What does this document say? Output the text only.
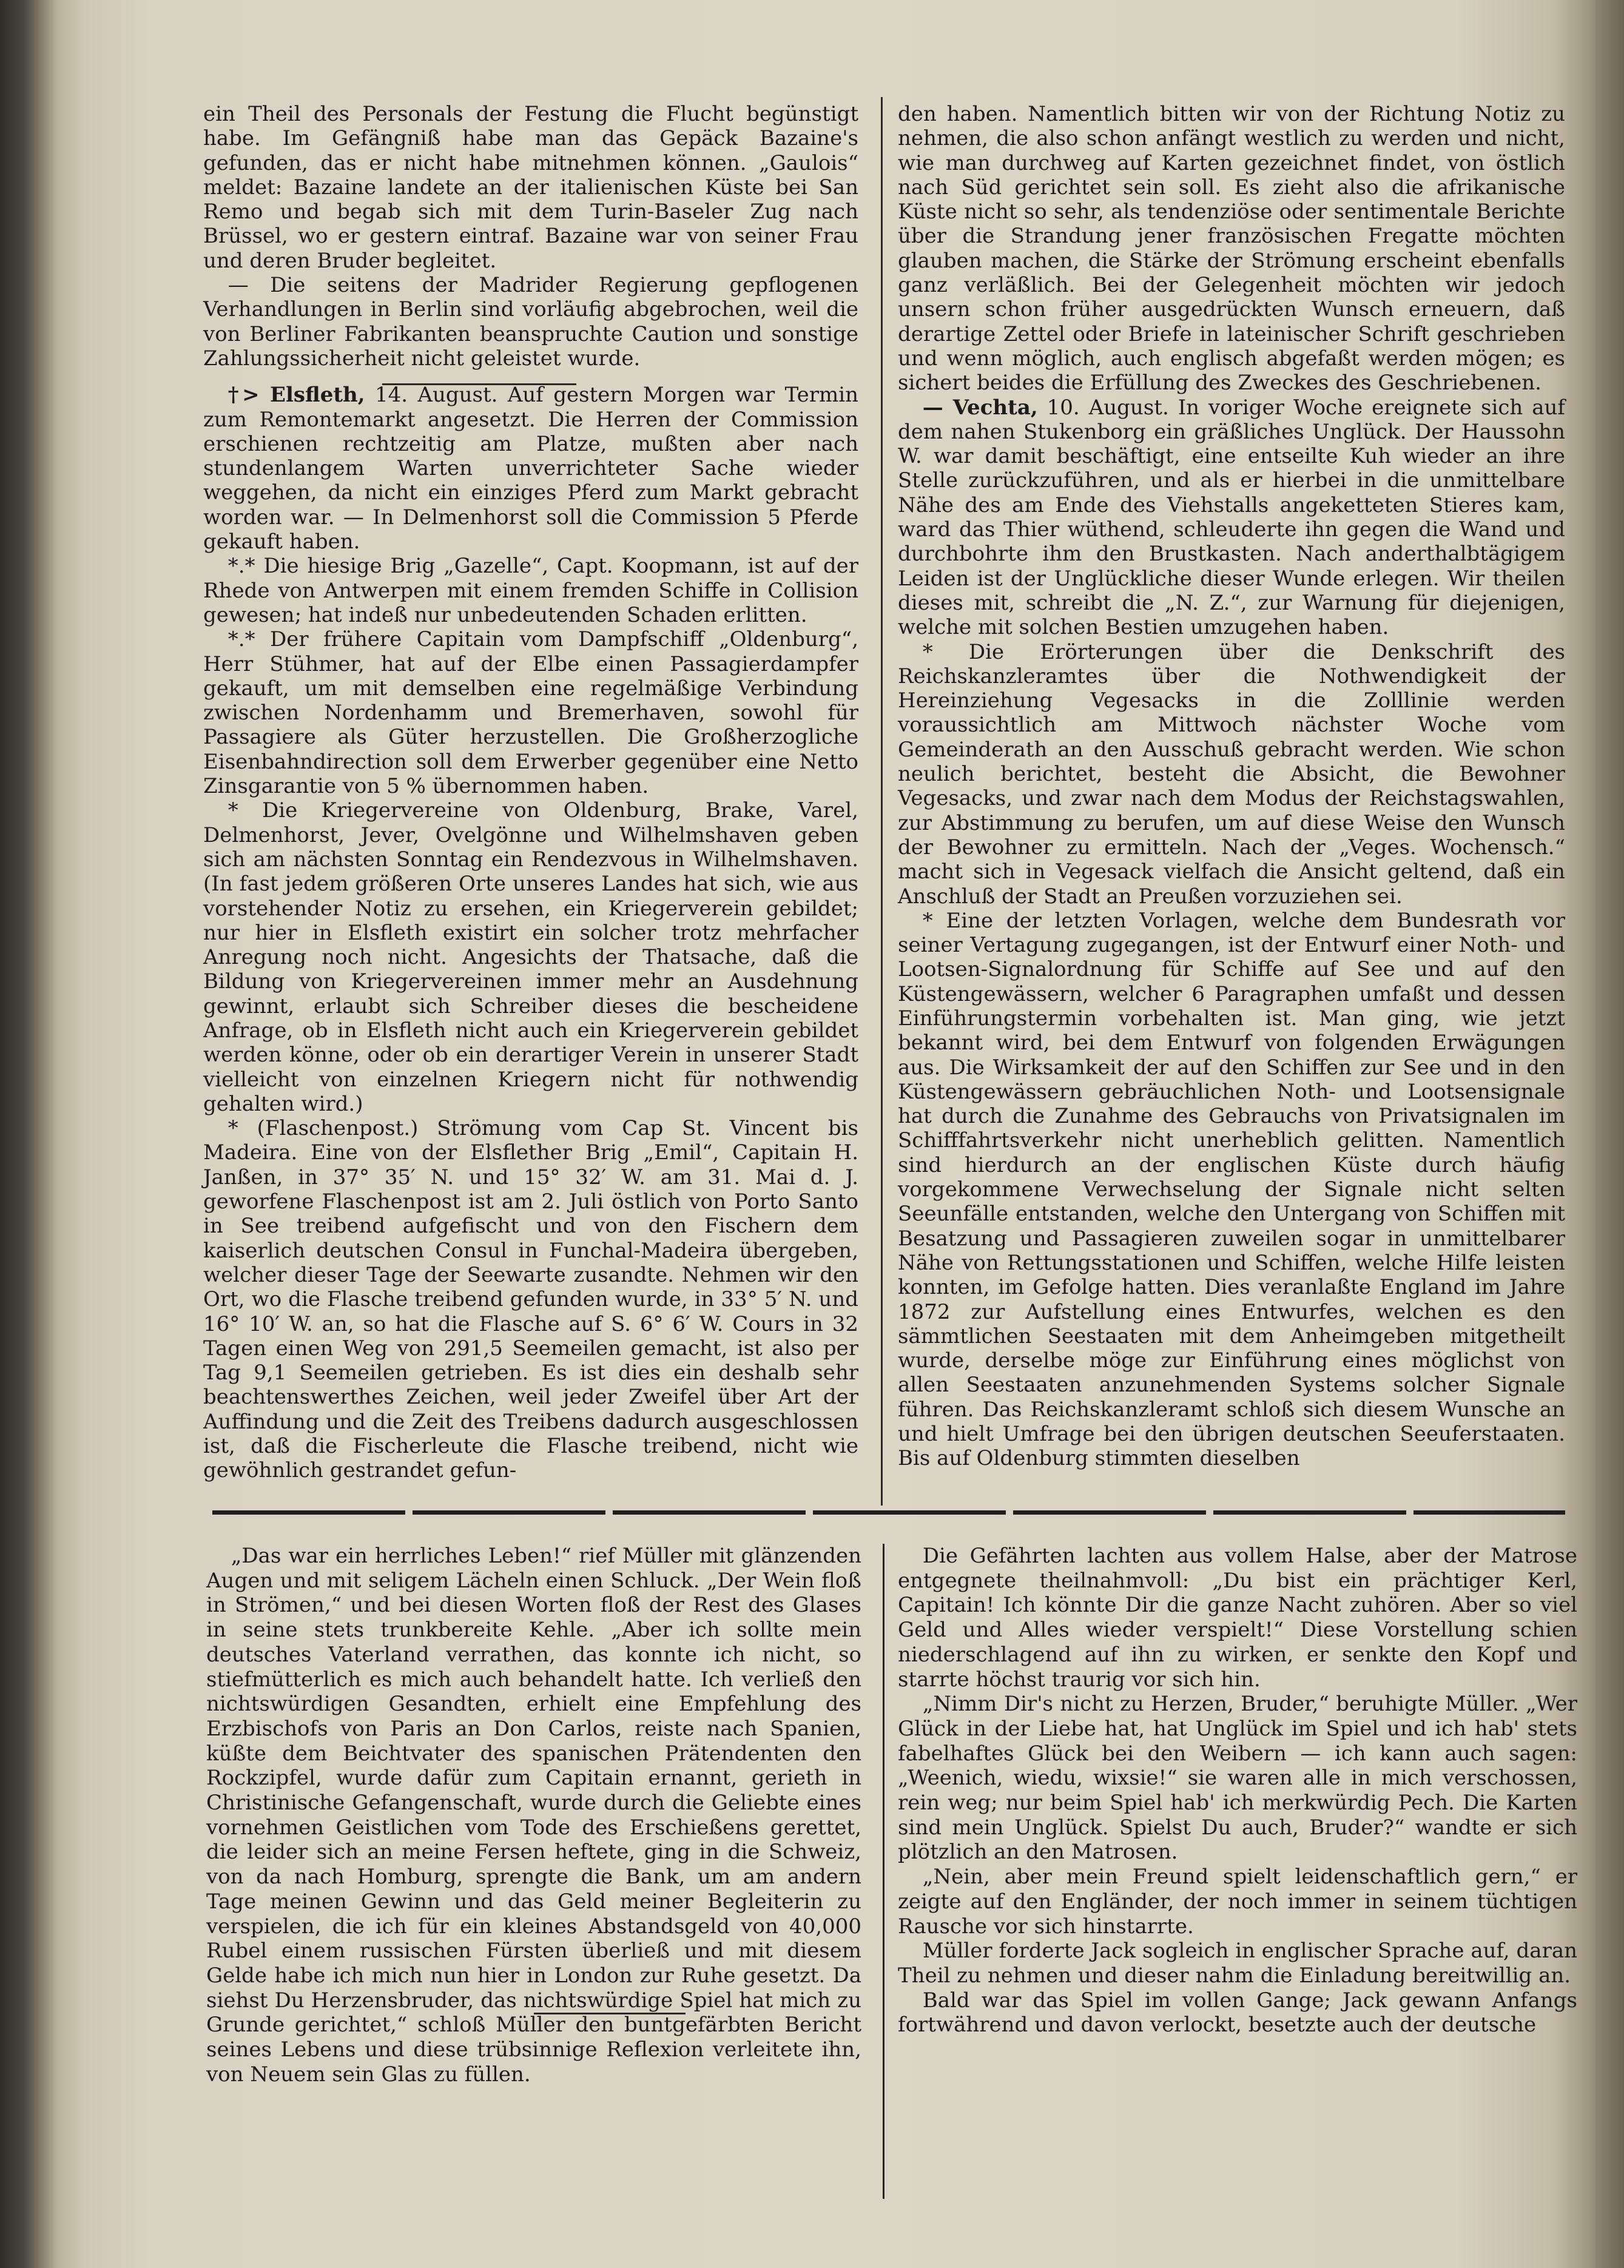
ein Theil des Personals der Festung die Flucht begünstigt habe. Im Gefängniß habe man das Gepäck Bazaine's gefunden, das er nicht habe mitnehmen können. „Gaulois“ meldet: Bazaine landete an der italienischen Küste bei San Remo und begab sich mit dem Turin-Baseler Zug nach Brüssel, wo er gestern eintraf. Bazaine war von seiner Frau und deren Bruder begleitet.

— Die seitens der Madrider Regierung gepflogenen Verhandlungen in Berlin sind vorläufig abgebrochen, weil die von Berliner Fabrikanten beanspruchte Caution und sonstige Zahlungssicherheit nicht geleistet wurde.

†> Elsfleth, 14. August. Auf gestern Morgen war Termin zum Remontemarkt angesetzt. Die Herren der Commission erschienen rechtzeitig am Platze, mußten aber nach stundenlangem Warten unverrichteter Sache wieder weggehen, da nicht ein einziges Pferd zum Markt gebracht worden war. — In Delmenhorst soll die Commission 5 Pferde gekauft haben.

*.* Die hiesige Brig „Gazelle“, Capt. Koopmann, ist auf der Rhede von Antwerpen mit einem fremden Schiffe in Collision gewesen; hat indeß nur unbedeutenden Schaden erlitten.

*.* Der frühere Capitain vom Dampfschiff „Oldenburg“, Herr Stühmer, hat auf der Elbe einen Passagierdampfer gekauft, um mit demselben eine regelmäßige Verbindung zwischen Nordenhamm und Bremerhaven, sowohl für Passagiere als Güter herzustellen. Die Großherzogliche Eisenbahndirection soll dem Erwerber gegenüber eine Netto Zinsgarantie von 5 % übernommen haben.

* Die Kriegervereine von Oldenburg, Brake, Varel, Delmenhorst, Jever, Ovelgönne und Wilhelmshaven geben sich am nächsten Sonntag ein Rendezvous in Wilhelmshaven. (In fast jedem größeren Orte unseres Landes hat sich, wie aus vorstehender Notiz zu ersehen, ein Kriegerverein gebildet; nur hier in Elsfleth existirt ein solcher trotz mehrfacher Anregung noch nicht. Angesichts der Thatsache, daß die Bildung von Kriegervereinen immer mehr an Ausdehnung gewinnt, erlaubt sich Schreiber dieses die bescheidene Anfrage, ob in Elsfleth nicht auch ein Kriegerverein gebildet werden könne, oder ob ein derartiger Verein in unserer Stadt vielleicht von einzelnen Kriegern nicht für nothwendig gehalten wird.)

* (Flaschenpost.) Strömung vom Cap St. Vincent bis Madeira. Eine von der Elsflether Brig „Emil“, Capitain H. Janßen, in 37° 35′ N. und 15° 32′ W. am 31. Mai d. J. geworfene Flaschenpost ist am 2. Juli östlich von Porto Santo in See treibend aufgefischt und von den Fischern dem kaiserlich deutschen Consul in Funchal-Madeira übergeben, welcher dieser Tage der Seewarte zusandte. Nehmen wir den Ort, wo die Flasche treibend gefunden wurde, in 33° 5′ N. und 16° 10′ W. an, so hat die Flasche auf S. 6° 6′ W. Cours in 32 Tagen einen Weg von 291,5 Seemeilen gemacht, ist also per Tag 9,1 Seemeilen getrieben. Es ist dies ein deshalb sehr beachtenswerthes Zeichen, weil jeder Zweifel über Art der Auffindung und die Zeit des Treibens dadurch ausgeschlossen ist, daß die Fischerleute die Flasche treibend, nicht wie gewöhnlich gestrandet gefun-

den haben. Namentlich bitten wir von der Richtung Notiz zu nehmen, die also schon anfängt westlich zu werden und nicht, wie man durchweg auf Karten gezeichnet findet, von östlich nach Süd gerichtet sein soll. Es zieht also die afrikanische Küste nicht so sehr, als tendenziöse oder sentimentale Berichte über die Strandung jener französischen Fregatte möchten glauben machen, die Stärke der Strömung erscheint ebenfalls ganz verläßlich. Bei der Gelegenheit möchten wir jedoch unsern schon früher ausgedrückten Wunsch erneuern, daß derartige Zettel oder Briefe in lateinischer Schrift geschrieben und wenn möglich, auch englisch abgefaßt werden mögen; es sichert beides die Erfüllung des Zweckes des Geschriebenen.

— Vechta, 10. August. In voriger Woche ereignete sich auf dem nahen Stukenborg ein gräßliches Unglück. Der Haussohn W. war damit beschäftigt, eine entseilte Kuh wieder an ihre Stelle zurückzuführen, und als er hierbei in die unmittelbare Nähe des am Ende des Viehstalls angeketteten Stieres kam, ward das Thier wüthend, schleuderte ihn gegen die Wand und durchbohrte ihm den Brustkasten. Nach anderthalbtägigem Leiden ist der Unglückliche dieser Wunde erlegen. Wir theilen dieses mit, schreibt die „N. Z.“, zur Warnung für diejenigen, welche mit solchen Bestien umzugehen haben.

* Die Erörterungen über die Denkschrift des Reichskanzleramtes über die Nothwendigkeit der Hereinziehung Vegesacks in die Zolllinie werden voraussichtlich am Mittwoch nächster Woche vom Gemeinderath an den Ausschuß gebracht werden. Wie schon neulich berichtet, besteht die Absicht, die Bewohner Vegesacks, und zwar nach dem Modus der Reichstagswahlen, zur Abstimmung zu berufen, um auf diese Weise den Wunsch der Bewohner zu ermitteln. Nach der „Veges. Wochensch.“ macht sich in Vegesack vielfach die Ansicht geltend, daß ein Anschluß der Stadt an Preußen vorzuziehen sei.

* Eine der letzten Vorlagen, welche dem Bundesrath vor seiner Vertagung zugegangen, ist der Entwurf einer Noth- und Lootsen-Signalordnung für Schiffe auf See und auf den Küstengewässern, welcher 6 Paragraphen umfaßt und dessen Einführungstermin vorbehalten ist. Man ging, wie jetzt bekannt wird, bei dem Entwurf von folgenden Erwägungen aus. Die Wirksamkeit der auf den Schiffen zur See und in den Küstengewässern gebräuchlichen Noth- und Lootsensignale hat durch die Zunahme des Gebrauchs von Privatsignalen im Schifffahrtsverkehr nicht unerheblich gelitten. Namentlich sind hierdurch an der englischen Küste durch häufig vorgekommene Verwechselung der Signale nicht selten Seeunfälle entstanden, welche den Untergang von Schiffen mit Besatzung und Passagieren zuweilen sogar in unmittelbarer Nähe von Rettungsstationen und Schiffen, welche Hilfe leisten konnten, im Gefolge hatten. Dies veranlaßte England im Jahre 1872 zur Aufstellung eines Entwurfes, welchen es den sämmtlichen Seestaaten mit dem Anheimgeben mitgetheilt wurde, derselbe möge zur Einführung eines möglichst von allen Seestaaten anzunehmenden Systems solcher Signale führen. Das Reichskanzleramt schloß sich diesem Wunsche an und hielt Umfrage bei den übrigen deutschen Seeuferstaaten. Bis auf Oldenburg stimmten dieselben

„Das war ein herrliches Leben!“ rief Müller mit glänzenden Augen und mit seligem Lächeln einen Schluck. „Der Wein floß in Strömen,“ und bei diesen Worten floß der Rest des Glases in seine stets trunkbereite Kehle. „Aber ich sollte mein deutsches Vaterland verrathen, das konnte ich nicht, so stiefmütterlich es mich auch behandelt hatte. Ich verließ den nichtswürdigen Gesandten, erhielt eine Empfehlung des Erzbischofs von Paris an Don Carlos, reiste nach Spanien, küßte dem Beichtvater des spanischen Prätendenten den Rockzipfel, wurde dafür zum Capitain ernannt, gerieth in Christinische Gefangenschaft, wurde durch die Geliebte eines vornehmen Geistlichen vom Tode des Erschießens gerettet, die leider sich an meine Fersen heftete, ging in die Schweiz, von da nach Homburg, sprengte die Bank, um am andern Tage meinen Gewinn und das Geld meiner Begleiterin zu verspielen, die ich für ein kleines Abstandsgeld von 40,000 Rubel einem russischen Fürsten überließ und mit diesem Gelde habe ich mich nun hier in London zur Ruhe gesetzt. Da siehst Du Herzensbruder, das nichtswürdige Spiel hat mich zu Grunde gerichtet,“ schloß Müller den buntgefärbten Bericht seines Lebens und diese trübsinnige Reflexion verleitete ihn, von Neuem sein Glas zu füllen.

Die Gefährten lachten aus vollem Halse, aber der Matrose entgegnete theilnahmvoll: „Du bist ein prächtiger Kerl, Capitain! Ich könnte Dir die ganze Nacht zuhören. Aber so viel Geld und Alles wieder verspielt!“ Diese Vorstellung schien niederschlagend auf ihn zu wirken, er senkte den Kopf und starrte höchst traurig vor sich hin.

„Nimm Dir's nicht zu Herzen, Bruder,“ beruhigte Müller. „Wer Glück in der Liebe hat, hat Unglück im Spiel und ich hab' stets fabelhaftes Glück bei den Weibern — ich kann auch sagen: „Weenich, wiedu, wixsie!“ sie waren alle in mich verschossen, rein weg; nur beim Spiel hab' ich merkwürdig Pech. Die Karten sind mein Unglück. Spielst Du auch, Bruder?“ wandte er sich plötzlich an den Matrosen.

„Nein, aber mein Freund spielt leidenschaftlich gern,“ er zeigte auf den Engländer, der noch immer in seinem tüchtigen Rausche vor sich hinstarrte.

Müller forderte Jack sogleich in englischer Sprache auf, daran Theil zu nehmen und dieser nahm die Einladung bereitwillig an.

Bald war das Spiel im vollen Gange; Jack gewann Anfangs fortwährend und davon verlockt, besetzte auch der deutsche
